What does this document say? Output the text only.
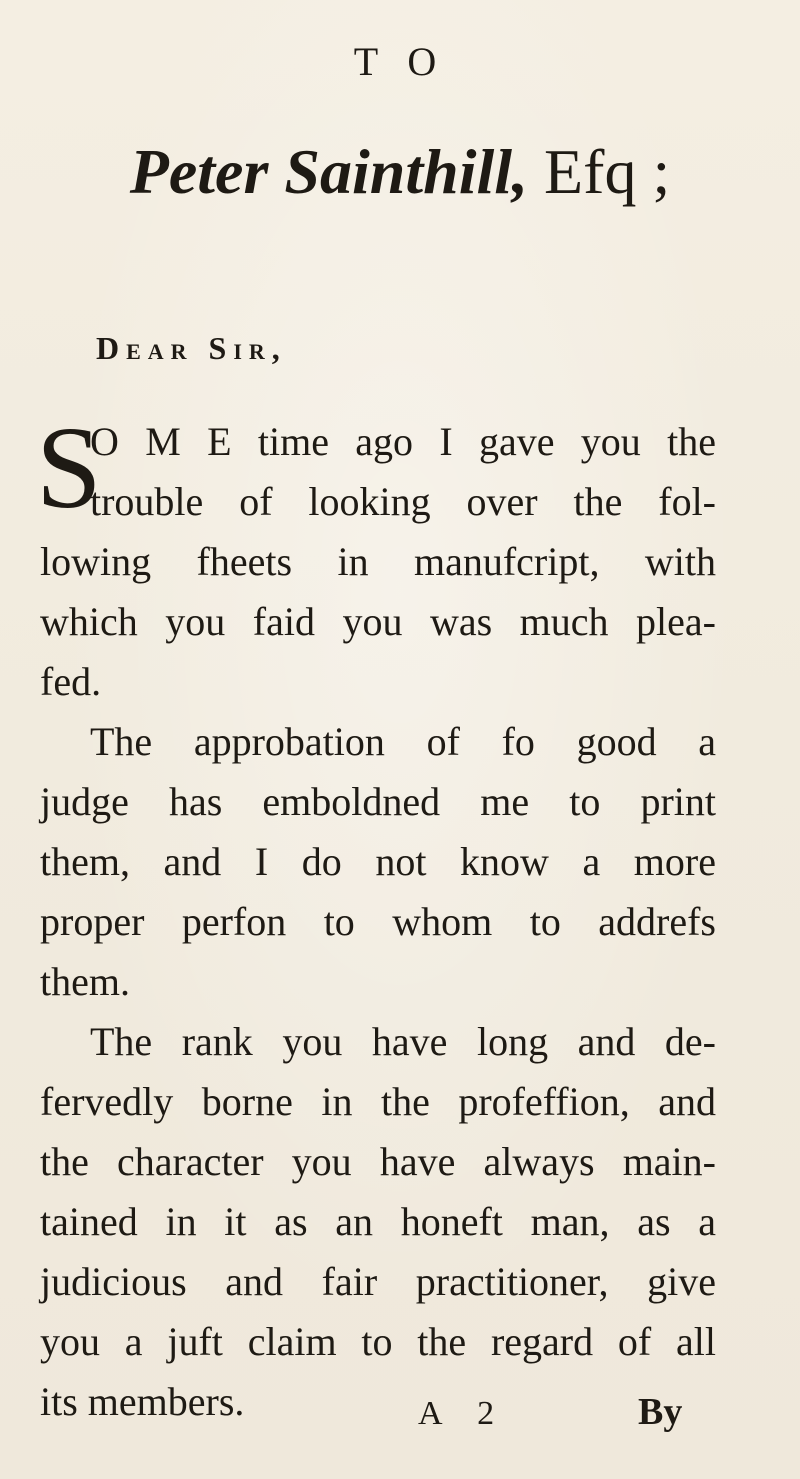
T O
Peter Sainthill, Efq ;
Dear Sir,
S
O M E time ago I gave you the
trouble of looking over the fol-
lowing fheets in manufcript, with
which you faid you was much plea-
fed.
The approbation of fo good a
judge has emboldned me to print
them, and I do not know a more
proper perfon to whom to addrefs
them.
The rank you have long and de-
fervedly borne in the profeffion, and
the character you have always main-
tained in it as an honeft man, as a
judicious and fair practitioner, give
you a juft claim to the regard of all
its members.	A 2	By
